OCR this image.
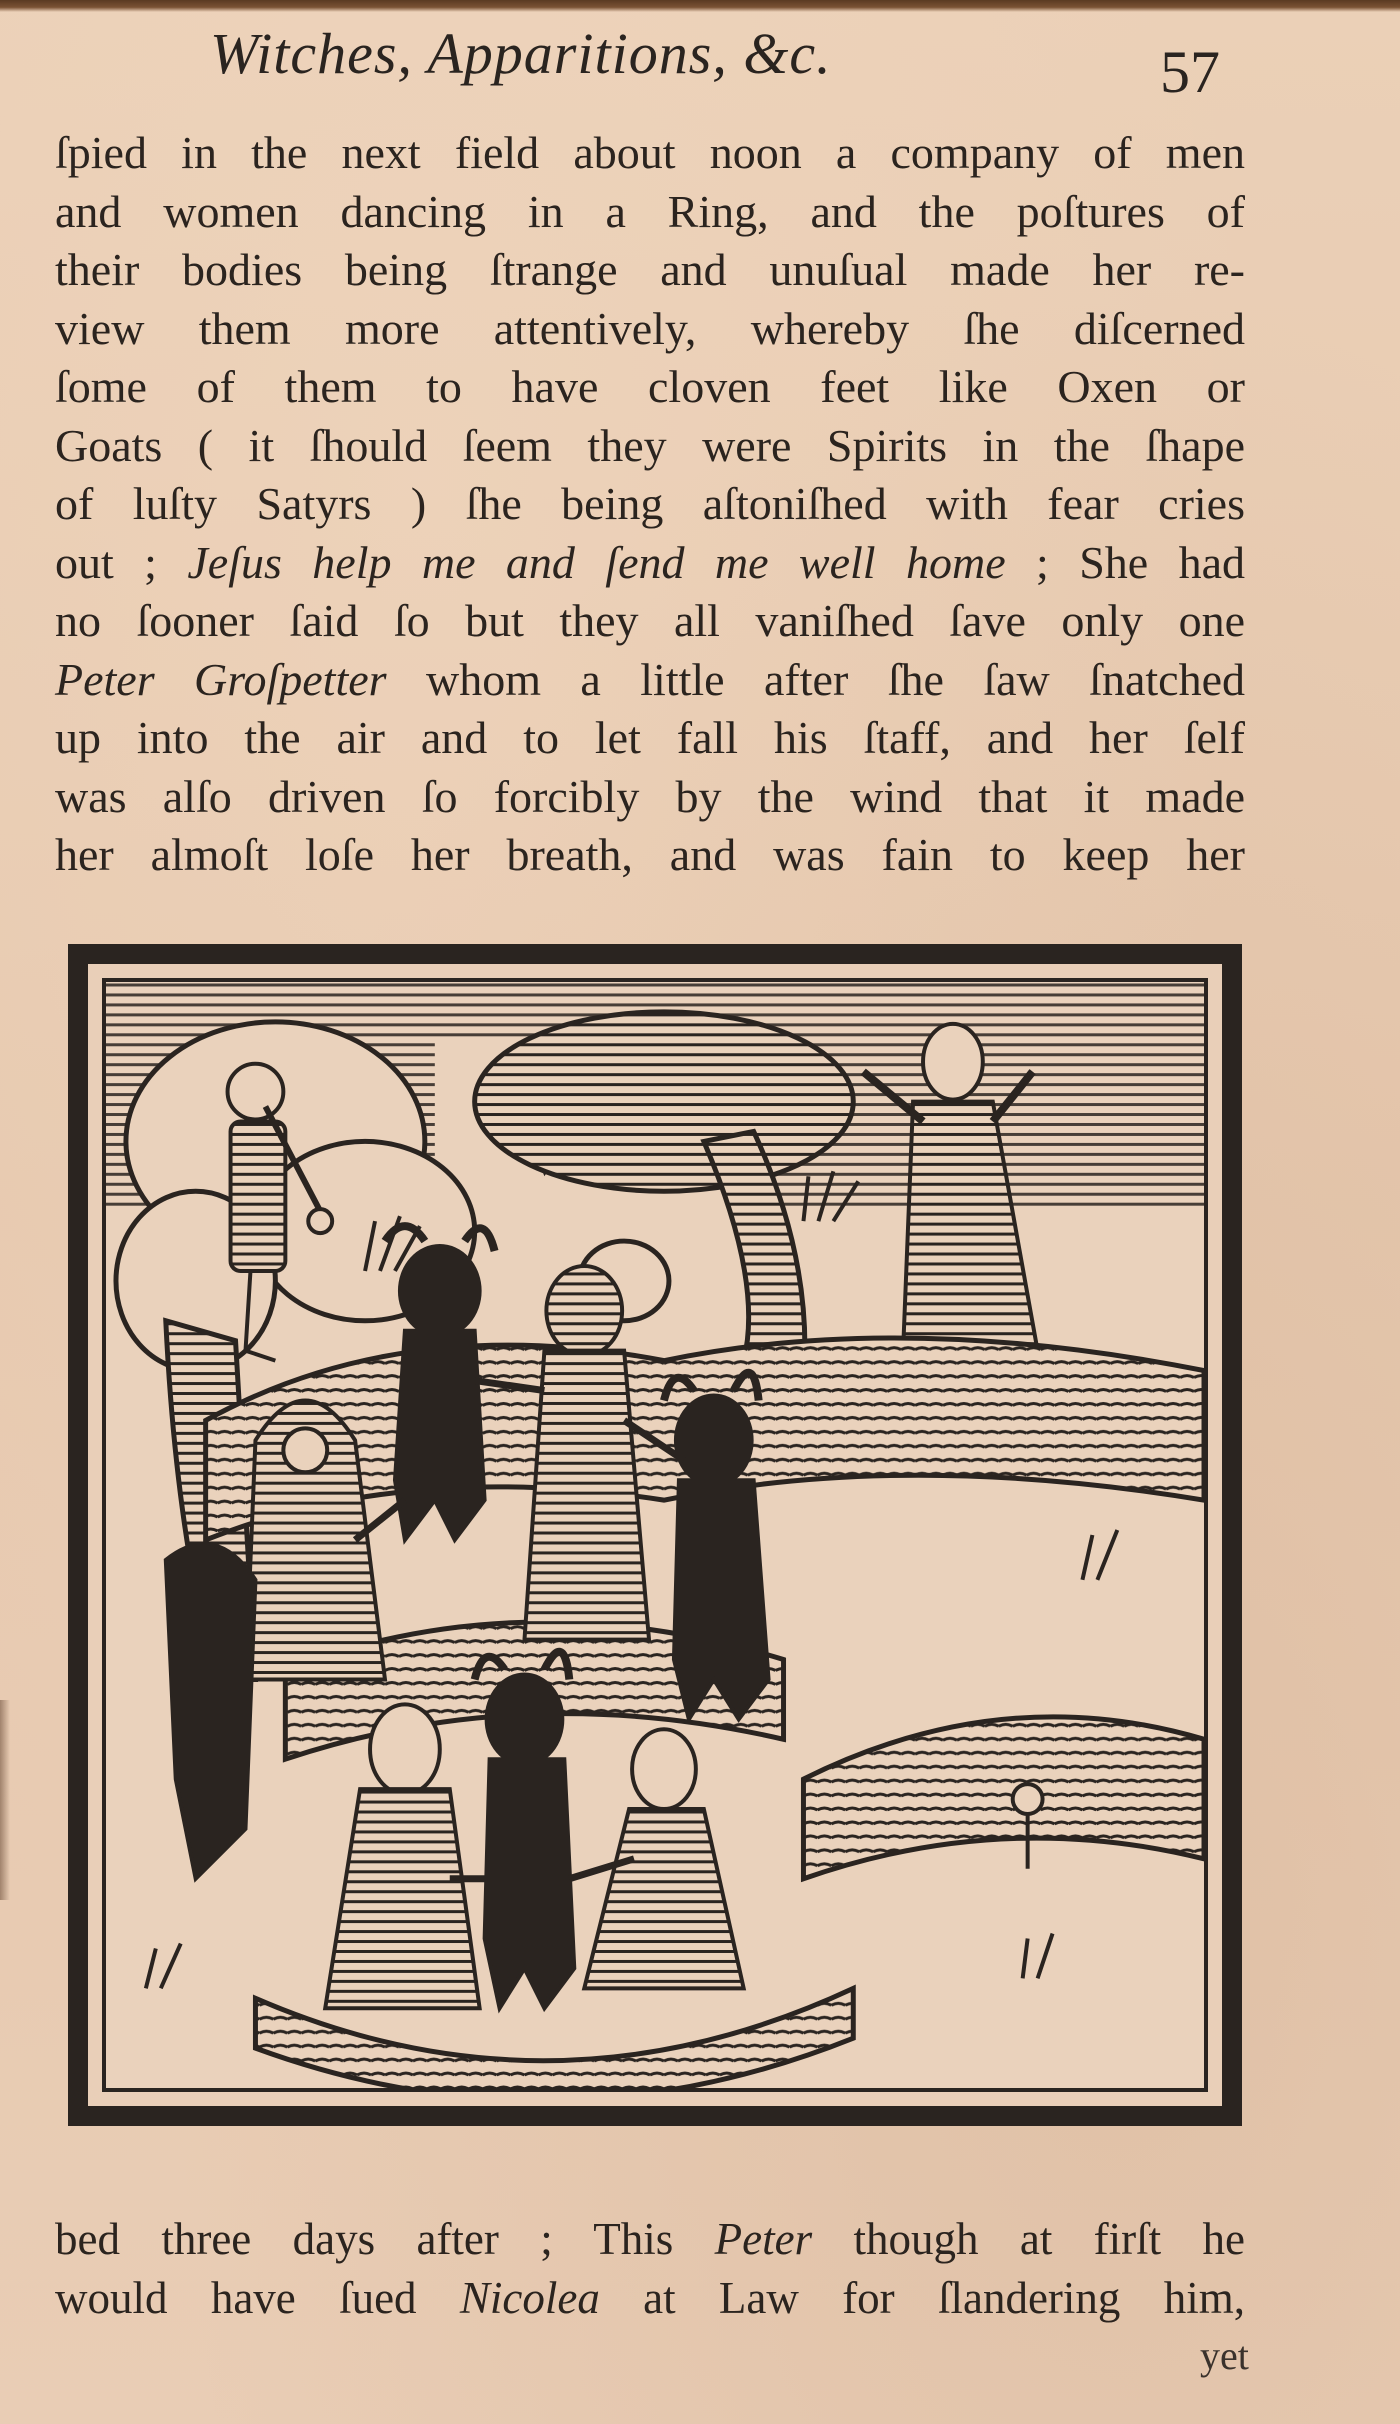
Witches, Apparitions, &c.	57
ſpied in the next field about noon a company of men
and women dancing in a Ring, and the poſtures of
their bodies being ſtrange and unuſual made her re-
view them more attentively, whereby ſhe diſcerned
ſome of them to have cloven feet like Oxen or
Goats ( it ſhould ſeem they were Spirits in the ſhape
of luſty Satyrs ) ſhe being aſtoniſhed with fear cries
out ; Jeſus help me and ſend me well home ; She had
no ſooner ſaid ſo but they all vaniſhed ſave only one
Peter Groſpetter whom a little after ſhe ſaw ſnatched
up into the air and to let fall his ſtaff, and her ſelf
was alſo driven ſo forcibly by the wind that it made
her almoſt loſe her breath, and was fain to keep her
bed three days after ; This Peter though at firſt he
would have ſued Nicolea at Law for ſlandering him,
yet
